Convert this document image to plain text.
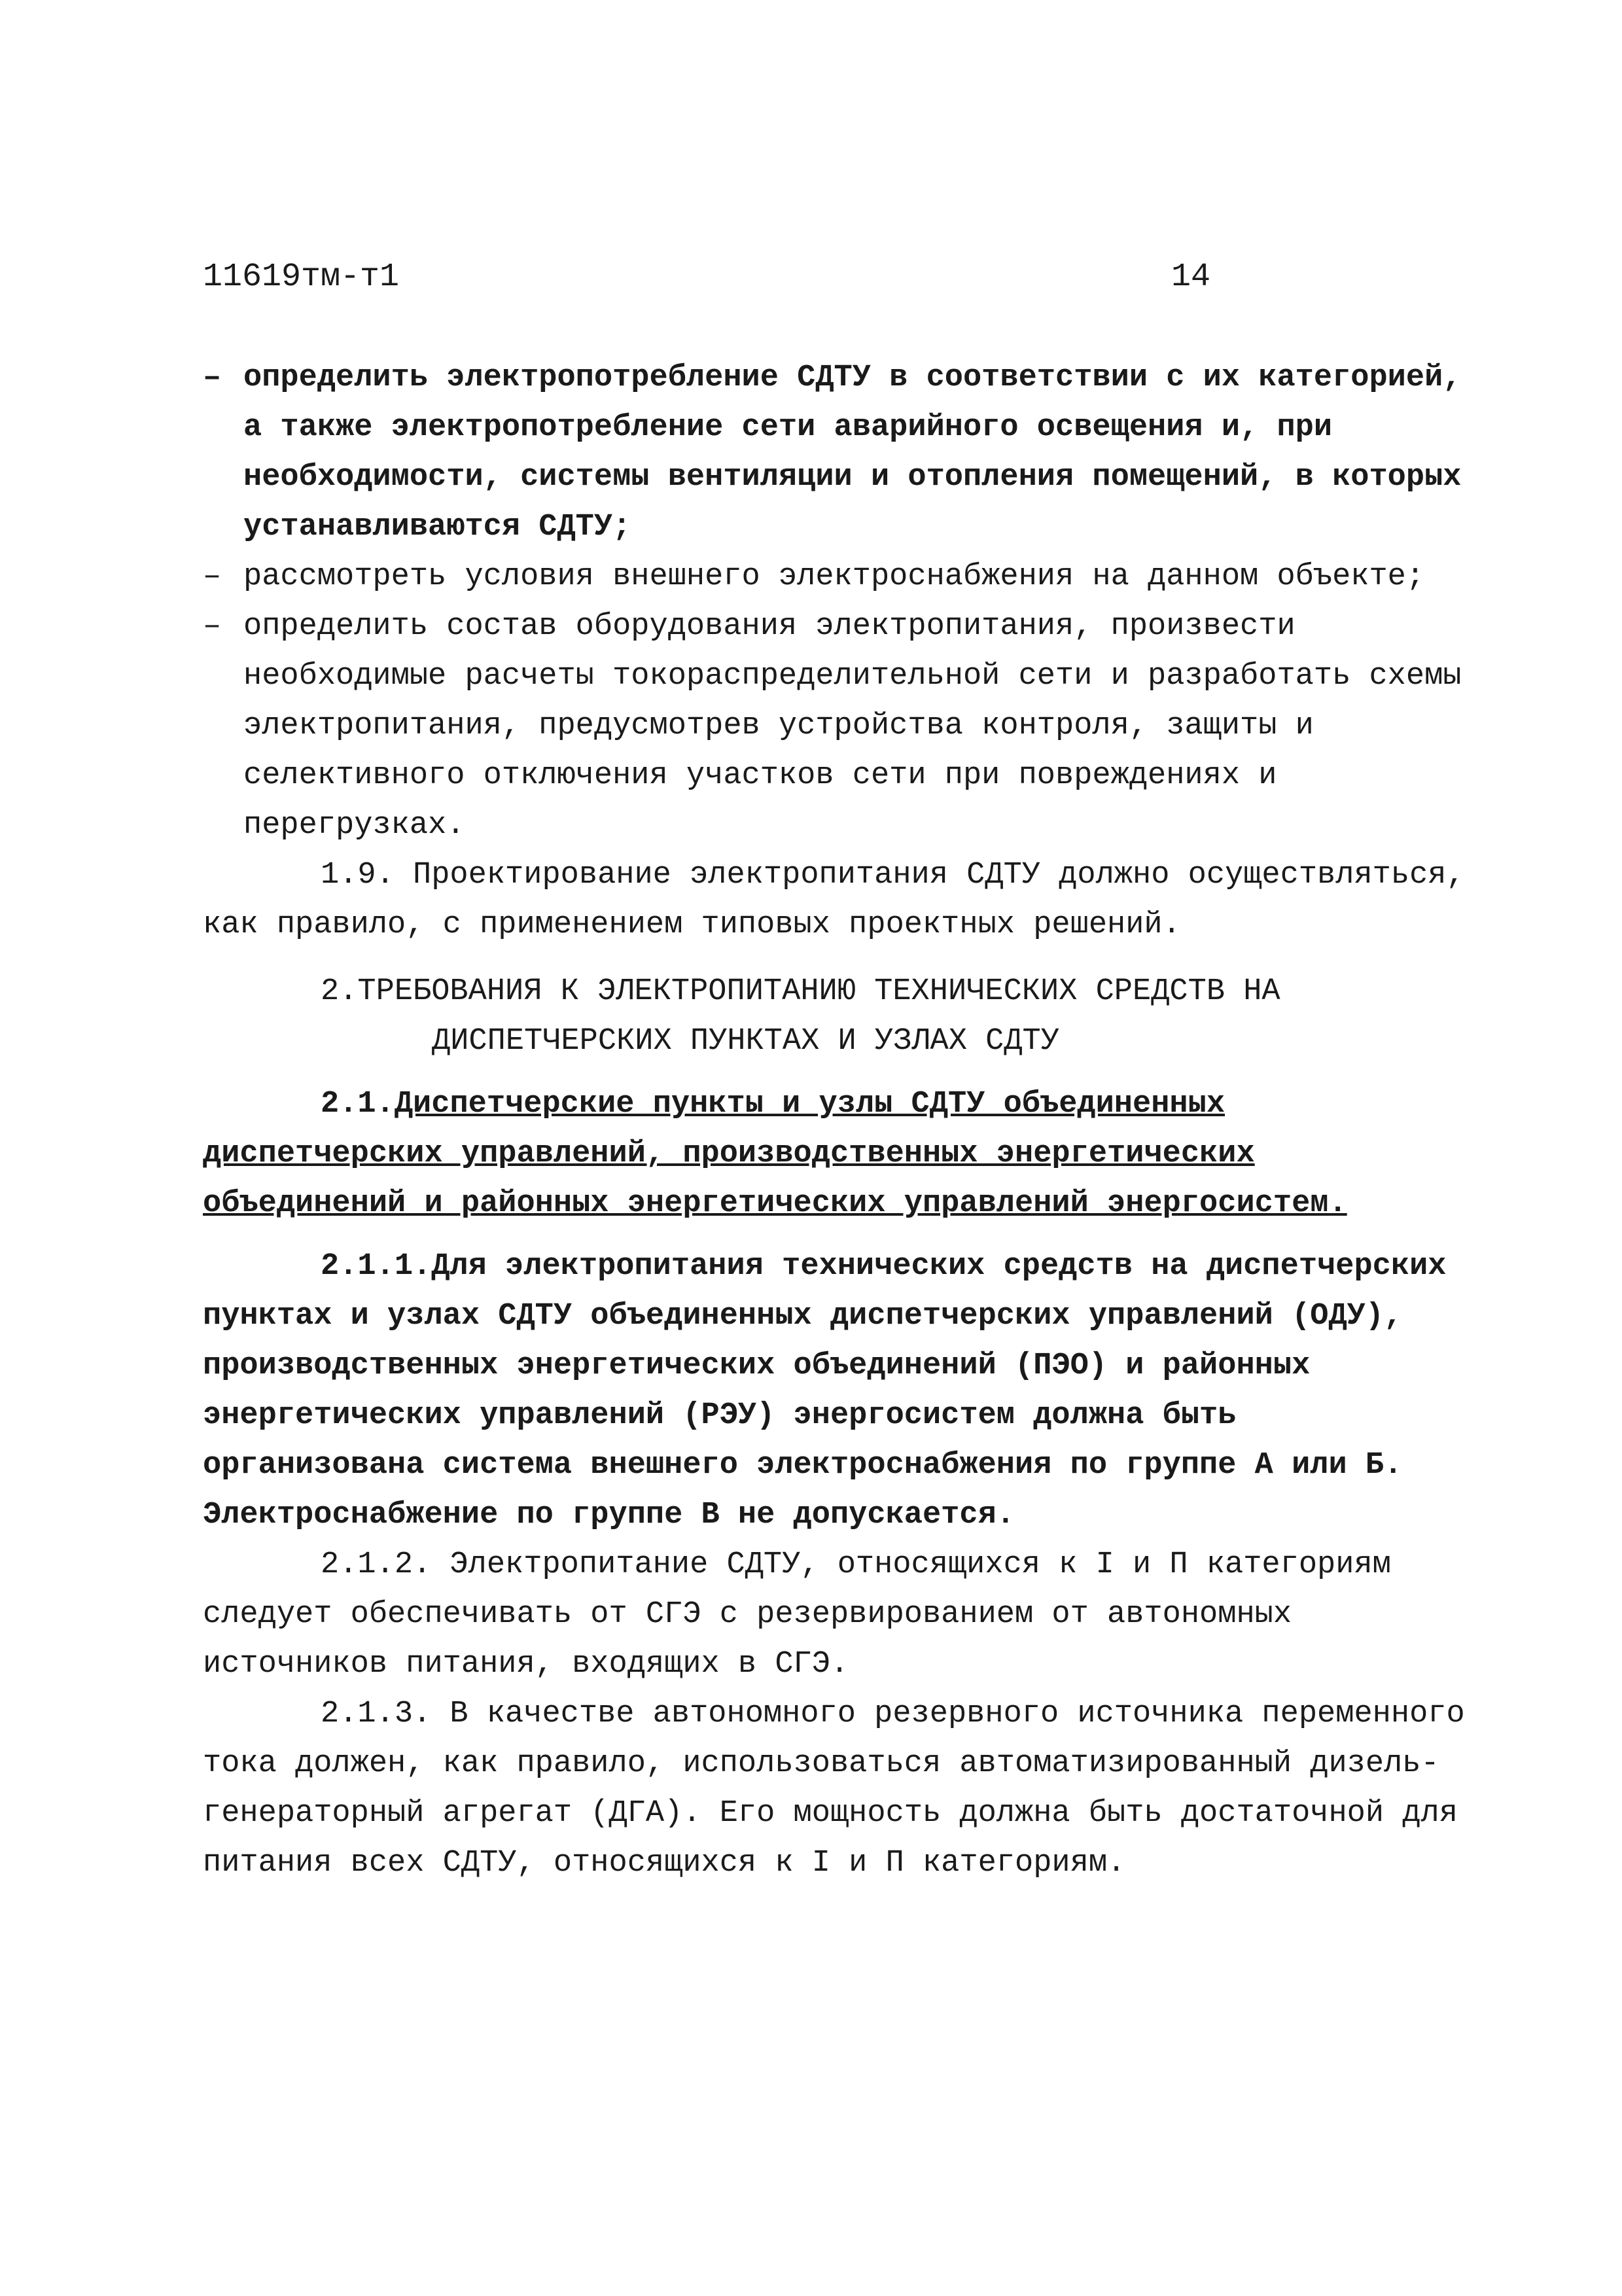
11619тм-т1	14

– определить электропотребление СДТУ в соответствии с их категорией, а также электропотребление сети аварийного освещения и, при необходимости, системы вентиляции и отопления помещений, в которых устанавливаются СДТУ;

– рассмотреть условия внешнего электроснабжения на данном объекте;

– определить состав оборудования электропитания, произвести необходимые расчеты токораспределительной сети и разработать схемы электропитания, предусмотрев устройства контроля, защиты и селективного отключения участков сети при повреждениях и перегрузках.

1.9. Проектирование электропитания СДТУ должно осуществляться, как правило, с применением типовых проектных решений.

2.ТРЕБОВАНИЯ К ЭЛЕКТРОПИТАНИЮ ТЕХНИЧЕСКИХ СРЕДСТВ НА
ДИСПЕТЧЕРСКИХ ПУНКТАХ И УЗЛАХ СДТУ

2.1.Диспетчерские пункты и узлы СДТУ объединенных диспетчерских управлений, производственных энергетических объединений и районных энергетических управлений энергосистем.

2.1.1.Для электропитания технических средств на диспетчерских пунктах и узлах СДТУ объединенных диспетчерских управлений (ОДУ), производственных энергетических объединений (ПЭО) и районных энергетических управлений (РЭУ) энергосистем должна быть организована система внешнего электроснабжения по группе А или Б. Электроснабжение по группе В не допускается.

2.1.2. Электропитание СДТУ, относящихся к I и П категориям следует обеспечивать от СГЭ с резервированием от автономных источников питания, входящих в СГЭ.

2.1.3. В качестве автономного резервного источника переменного тока должен, как правило, использоваться автоматизированный дизель-генераторный агрегат (ДГА). Его мощность должна быть достаточной для питания всех СДТУ, относящихся к I и П категориям.
